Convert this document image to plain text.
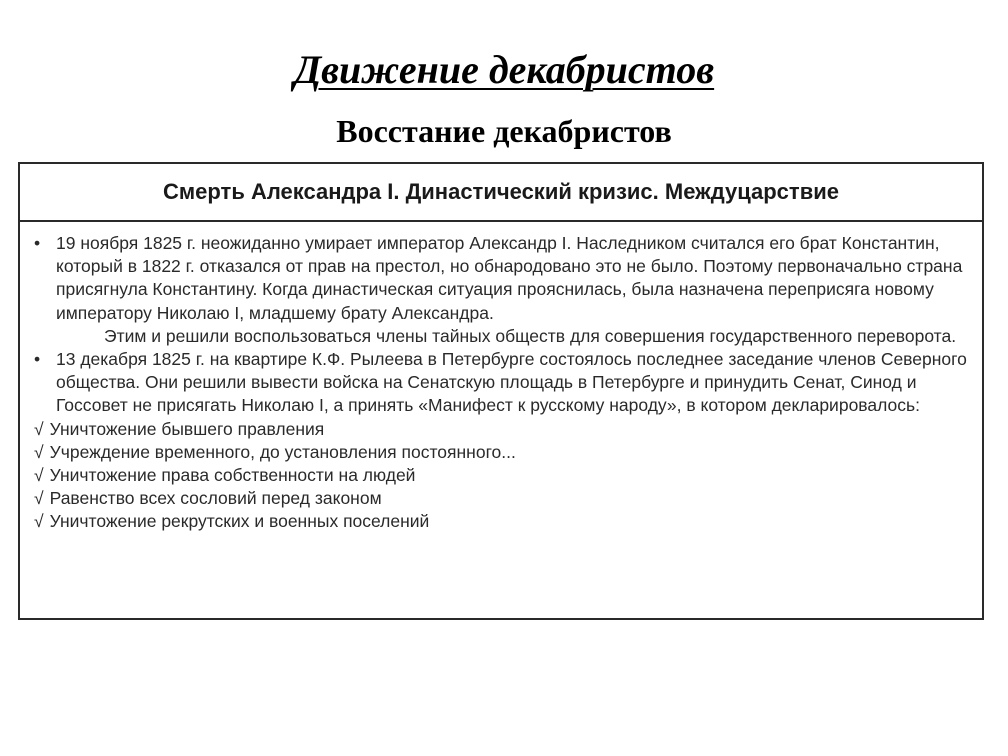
Движение декабристов
Восстание декабристов
Смерть Александра I. Династический кризис. Междуцарствие
• 19 ноября 1825 г. неожиданно умирает император Александр I. Наследником считался его брат Константин, который в 1822 г. отказался от прав на престол, но обнародовано это не было. Поэтому первоначально страна присягнула Константину. Когда династическая ситуация прояснилась, была назначена переприсяга новому императору Николаю I, младшему брату Александра.

Этим и решили воспользоваться члены тайных обществ для совершения государственного переворота.

• 13 декабря 1825 г. на квартире К.Ф. Рылеева в Петербурге состоялось последнее заседание членов Северного общества. Они решили вывести войска на Сенатскую площадь в Петербурге и принудить Сенат, Синод и Госсовет не присягать Николаю I, а принять «Манифест к русскому народу», в котором декларировалось:

√ Уничтожение бывшего правления
√ Учреждение временного, до установления постоянного...
√ Уничтожение права собственности на людей
√ Равенство всех сословий перед законом
√ Уничтожение рекрутских и военных поселений
